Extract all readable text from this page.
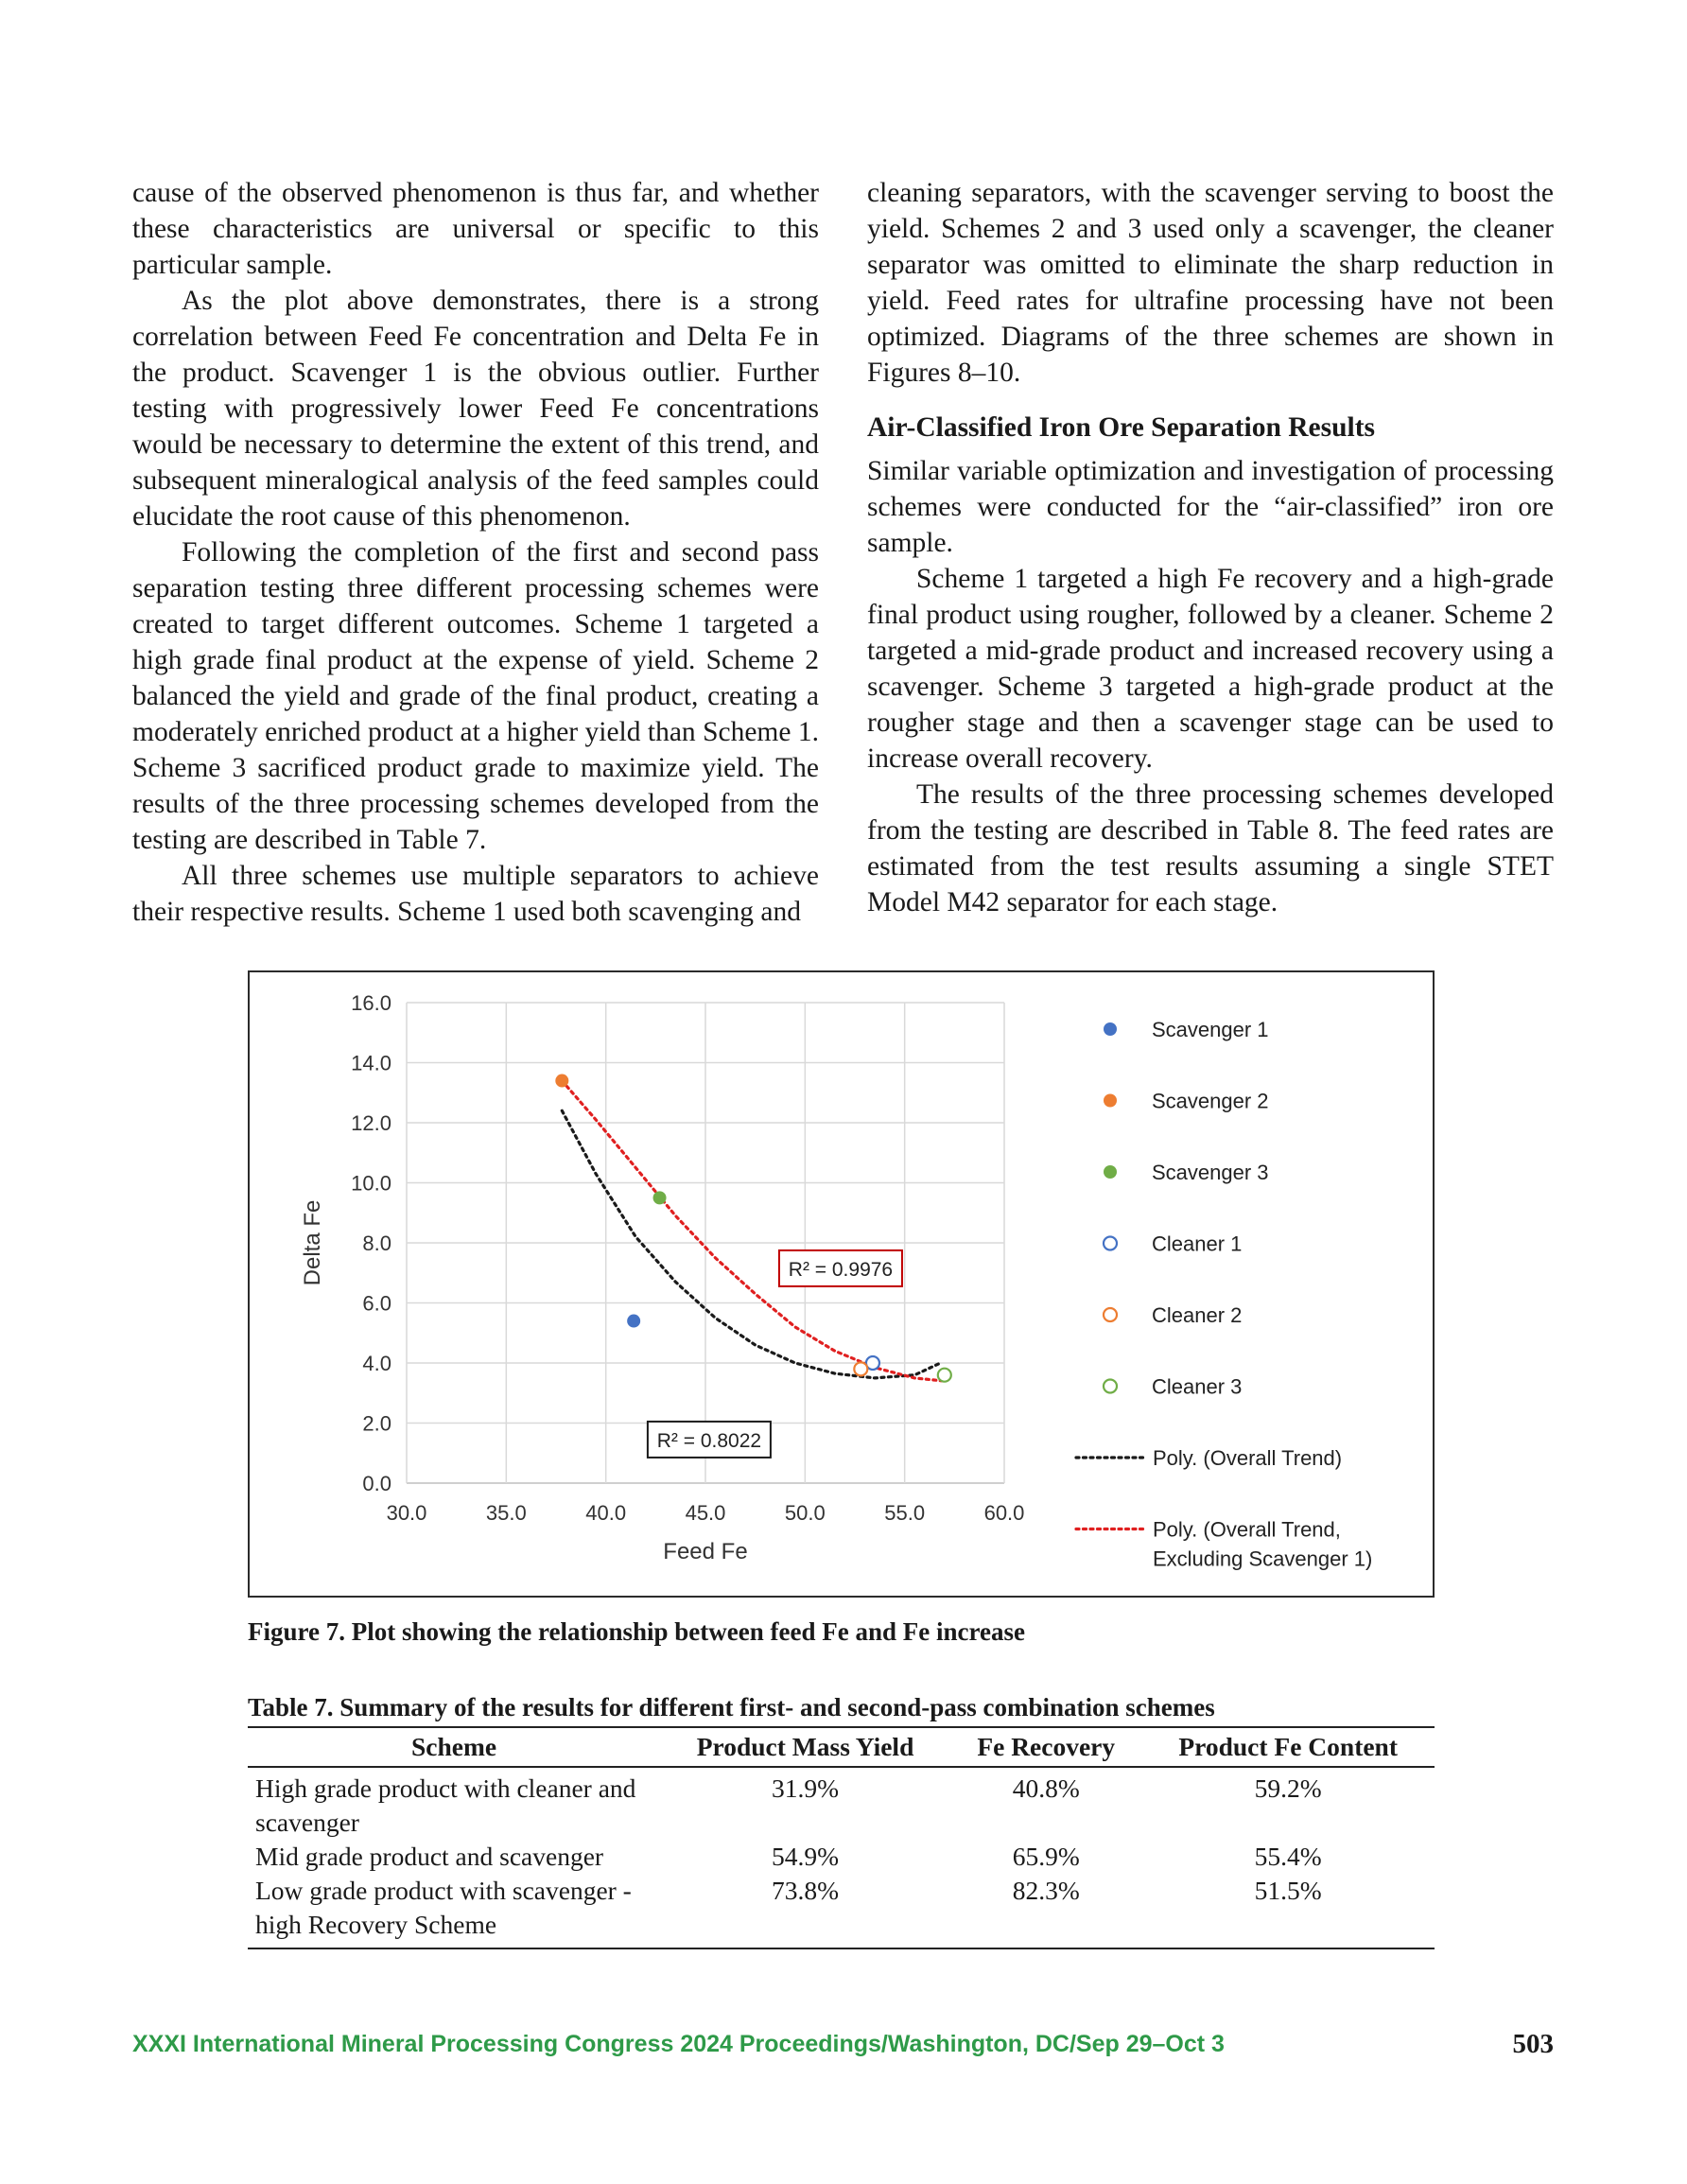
cause of the observed phenomenon is thus far, and whether these characteristics are universal or specific to this particular sample.

As the plot above demonstrates, there is a strong correlation between Feed Fe concentration and Delta Fe in the product. Scavenger 1 is the obvious outlier. Further testing with progressively lower Feed Fe concentrations would be necessary to determine the extent of this trend, and subsequent mineralogical analysis of the feed samples could elucidate the root cause of this phenomenon.

Following the completion of the first and second pass separation testing three different processing schemes were created to target different outcomes. Scheme 1 targeted a high grade final product at the expense of yield. Scheme 2 balanced the yield and grade of the final product, creating a moderately enriched product at a higher yield than Scheme 1. Scheme 3 sacrificed product grade to maximize yield. The results of the three processing schemes developed from the testing are described in Table 7.

All three schemes use multiple separators to achieve their respective results. Scheme 1 used both scavenging and

cleaning separators, with the scavenger serving to boost the yield. Schemes 2 and 3 used only a scavenger, the cleaner separator was omitted to eliminate the sharp reduction in yield. Feed rates for ultrafine processing have not been optimized. Diagrams of the three schemes are shown in Figures 8–10.

Air-Classified Iron Ore Separation Results

Similar variable optimization and investigation of processing schemes were conducted for the “air-classified” iron ore sample.

Scheme 1 targeted a high Fe recovery and a high-grade final product using rougher, followed by a cleaner. Scheme 2 targeted a mid-grade product and increased recovery using a scavenger. Scheme 3 targeted a high-grade product at the rougher stage and then a scavenger stage can be used to increase overall recovery.

The results of the three processing schemes developed from the testing are described in Table 8. The feed rates are estimated from the test results assuming a single STET Model M42 separator for each stage.

0.0
2.0
4.0
6.0
8.0
10.0
12.0
14.0
16.0
30.0	35.0	40.0	45.0	50.0	55.0	60.0
Feed Fe
Delta Fe	R² = 0.9976
R² = 0.8022
Scavenger 1
Scavenger 2
Scavenger 3
Cleaner 1
Cleaner 2
Cleaner 3
Poly. (Overall Trend)
Poly. (Overall Trend, Excluding Scavenger 1)
Figure 7. Plot showing the relationship between feed Fe and Fe increase
Table 7. Summary of the results for different first- and second-pass combination schemes
Scheme	Product Mass Yield	Fe Recovery	Product Fe Content
High grade product with cleaner and scavenger	31.9%	40.8%	59.2%
Mid grade product and scavenger	54.9%	65.9%	55.4%
Low grade product with scavenger - high Recovery Scheme	73.8%	82.3%	51.5%
XXXI International Mineral Processing Congress 2024 Proceedings/Washington, DC/Sep 29–Oct 3	503
